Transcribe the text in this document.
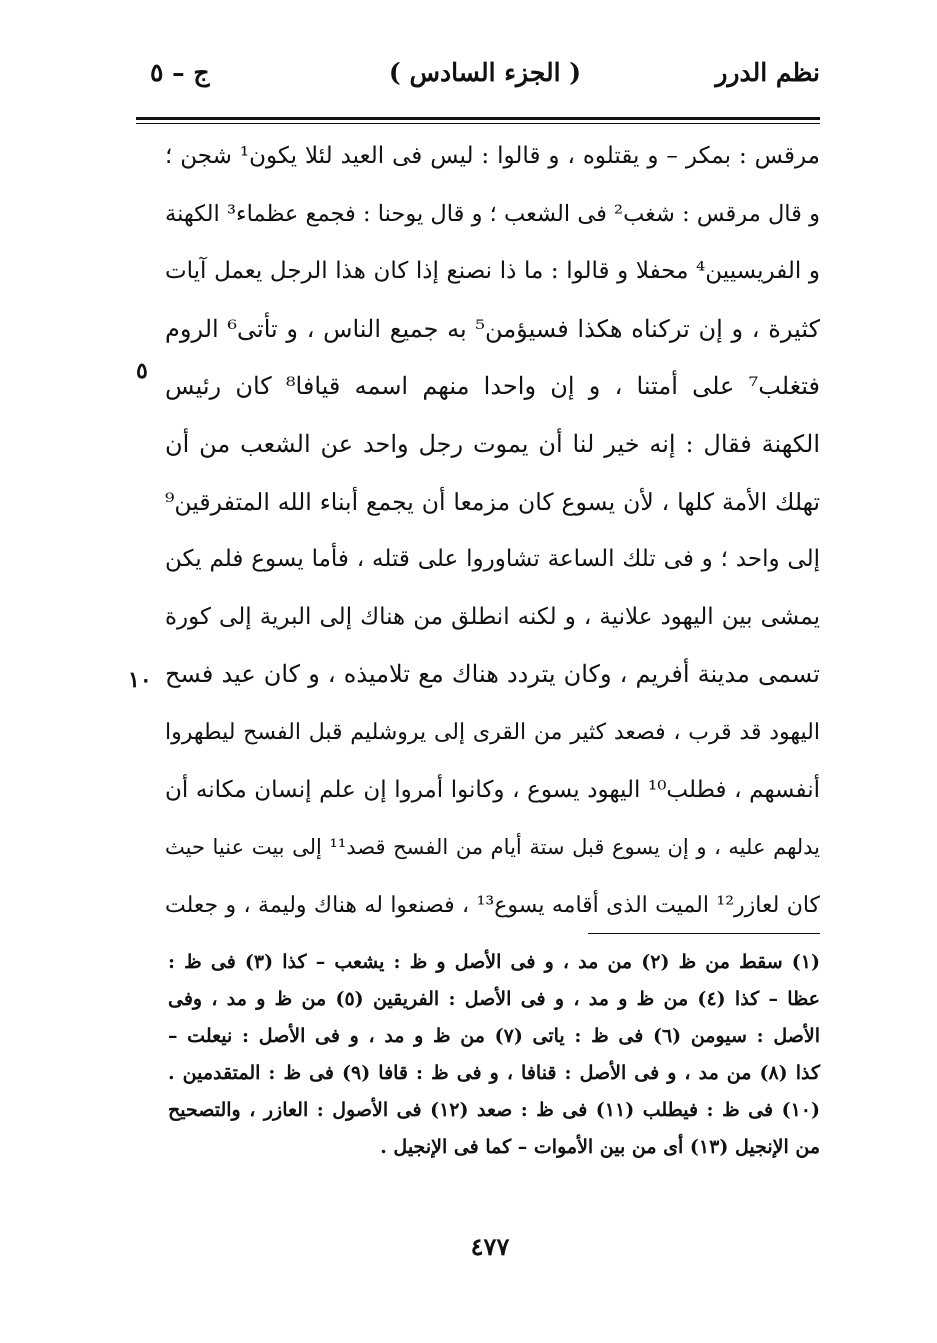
نظم الدرر
( الجزء السادس )
ج – ٥
مرقس : بمكر – و يقتلوه ، و قالوا : ليس فى العيد لئلا يكون¹ شجن ؛
و قال مرقس : شغب² فى الشعب ؛ و قال يوحنا : فجمع عظماء³ الكهنة
و الفريسيين⁴ محفلا و قالوا : ما ذا نصنع إذا كان هذا الرجل يعمل آيات
كثيرة ، و إن تركناه هكذا فسيؤمن⁵ به جميع الناس ، و تأتى⁶ الروم
فتغلب⁷ على أمتنا ، و إن واحدا منهم اسمه قيافا⁸ كان رئيس
الكهنة فقال : إنه خير لنا أن يموت رجل واحد عن الشعب من أن
تهلك الأمة كلها ، لأن يسوع كان مزمعا أن يجمع أبناء الله المتفرقين⁹
إلى واحد ؛ و فى تلك الساعة تشاوروا على قتله ، فأما يسوع فلم يكن
يمشى بين اليهود علانية ، و لكنه انطلق من هناك إلى البرية إلى كورة
تسمى مدينة أفريم ، وكان يتردد هناك مع تلاميذه ، و كان عيد فسح
اليهود قد قرب ، فصعد كثير من القرى إلى يروشليم قبل الفسح ليطهروا
أنفسهم ، فطلب¹⁰ اليهود يسوع ، وكانوا أمروا إن علم إنسان مكانه أن
يدلهم عليه ، و إن يسوع قبل ستة أيام من الفسح قصد¹¹ إلى بيت عنيا حيث
كان لعازر¹² الميت الذى أقامه يسوع¹³ ، فصنعوا له هناك وليمة ، و جعلت
٥
١٠
(١) سقط من ظ (٢) من مد ، و فى الأصل و ظ : يشعب – كذا (٣) فى ظ :
عظا – كذا (٤) من ظ و مد ، و فى الأصل : الفريقين (٥) من ظ و مد ، وفى
الأصل : سيومن (٦) فى ظ : ياتى (٧) من ظ و مد ، و فى الأصل : نيعلت –
كذا (٨) من مد ، و فى الأصل : قنافا ، و فى ظ : قافا (٩) فى ظ : المتقدمين .
(١٠) فى ظ : فيطلب (١١) فى ظ : صعد (١٢) فى الأصول : العازر ، والتصحيح
من الإنجيل (١٣) أى من بين الأموات – كما فى الإنجيل .
٤٧٧
